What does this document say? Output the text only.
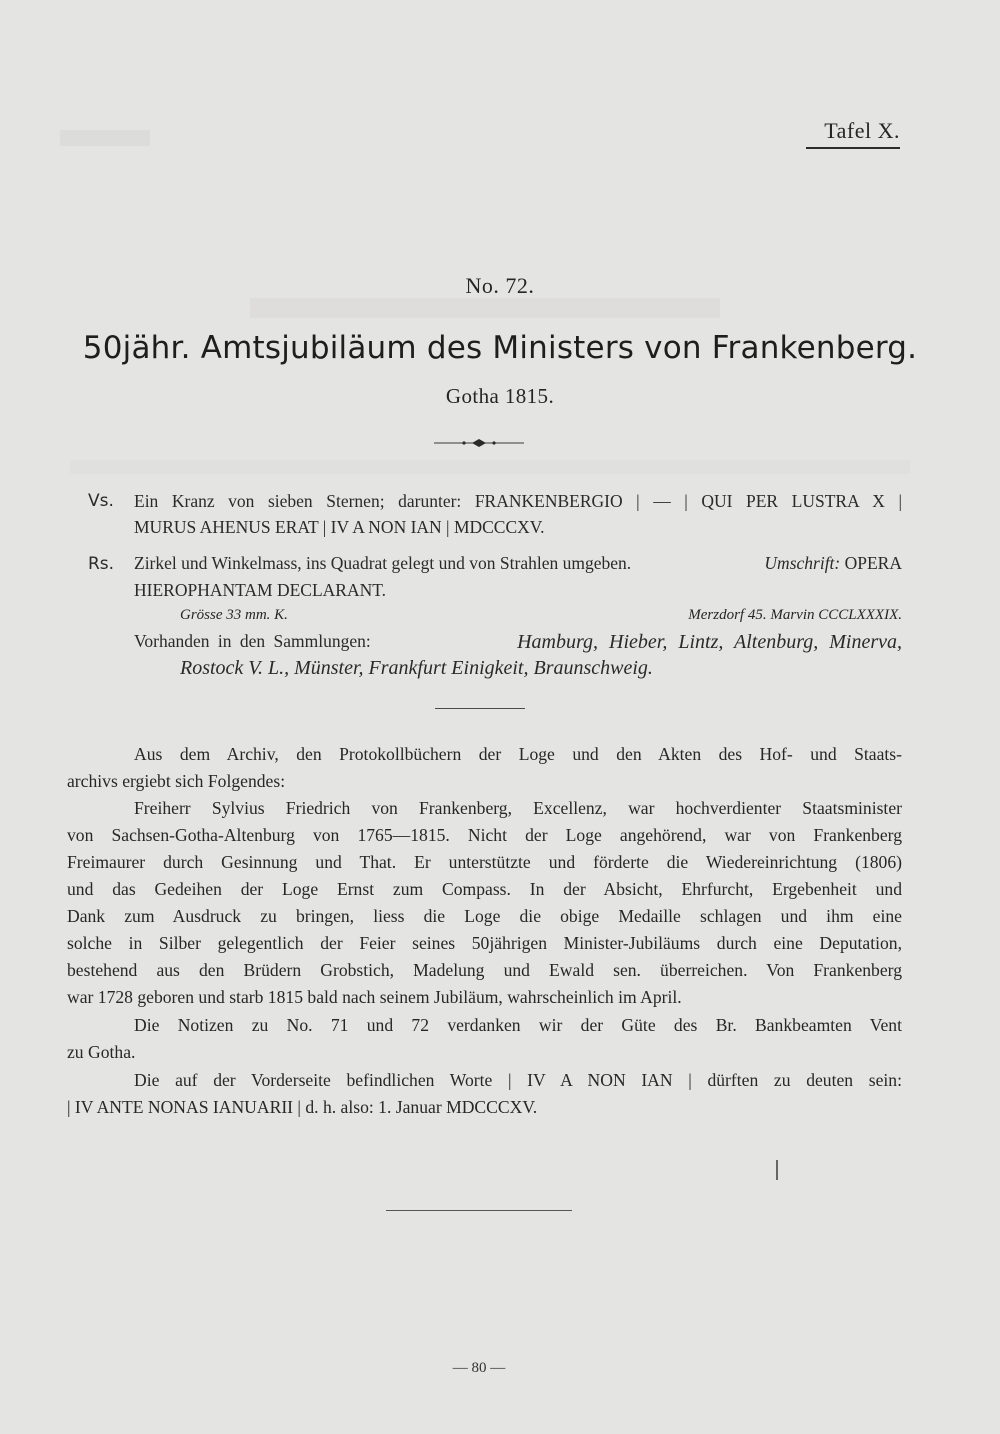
Tafel X.
No. 72.
50jähr. Amtsjubiläum des Ministers von Frankenberg.
Gotha 1815.
Vs. Ein Kranz von sieben Sternen; darunter: FRANKENBERGIO | — | QUI PER LUSTRA X |
MURUS AHENUS ERAT | IV A NON IAN | MDCCCXV.
Rs. Zirkel und Winkelmass, ins Quadrat gelegt und von Strahlen umgeben.	Umschrift: OPERA
HIEROPHANTAM DECLARANT.
Grösse 33 mm. K.	Merzdorf 45. Marvin CCCLXXXIX.
Vorhanden in den Sammlungen:	Hamburg, Hieber, Lintz, Altenburg, Minerva,
Rostock V. L., Münster, Frankfurt Einigkeit, Braunschweig.
Aus dem Archiv, den Protokollbüchern der Loge und den Akten des Hof- und Staats-
archivs ergiebt sich Folgendes:
Freiherr Sylvius Friedrich von Frankenberg, Excellenz, war hochverdienter Staatsminister
von Sachsen-Gotha-Altenburg von 1765—1815. Nicht der Loge angehörend, war von Frankenberg
Freimaurer durch Gesinnung und That. Er unterstützte und förderte die Wiedereinrichtung (1806)
und das Gedeihen der Loge Ernst zum Compass. In der Absicht, Ehrfurcht, Ergebenheit und
Dank zum Ausdruck zu bringen, liess die Loge die obige Medaille schlagen und ihm eine
solche in Silber gelegentlich der Feier seines 50jährigen Minister-Jubiläums durch eine Deputation,
bestehend aus den Brüdern Grobstich, Madelung und Ewald sen. überreichen. Von Frankenberg
war 1728 geboren und starb 1815 bald nach seinem Jubiläum, wahrscheinlich im April.
Die Notizen zu No. 71 und 72 verdanken wir der Güte des Br. Bankbeamten Vent
zu Gotha.
Die auf der Vorderseite befindlichen Worte | IV A NON IAN | dürften zu deuten sein:
| IV ANTE NONAS IANUARII | d. h. also: 1. Januar MDCCCXV.
— 80 —
